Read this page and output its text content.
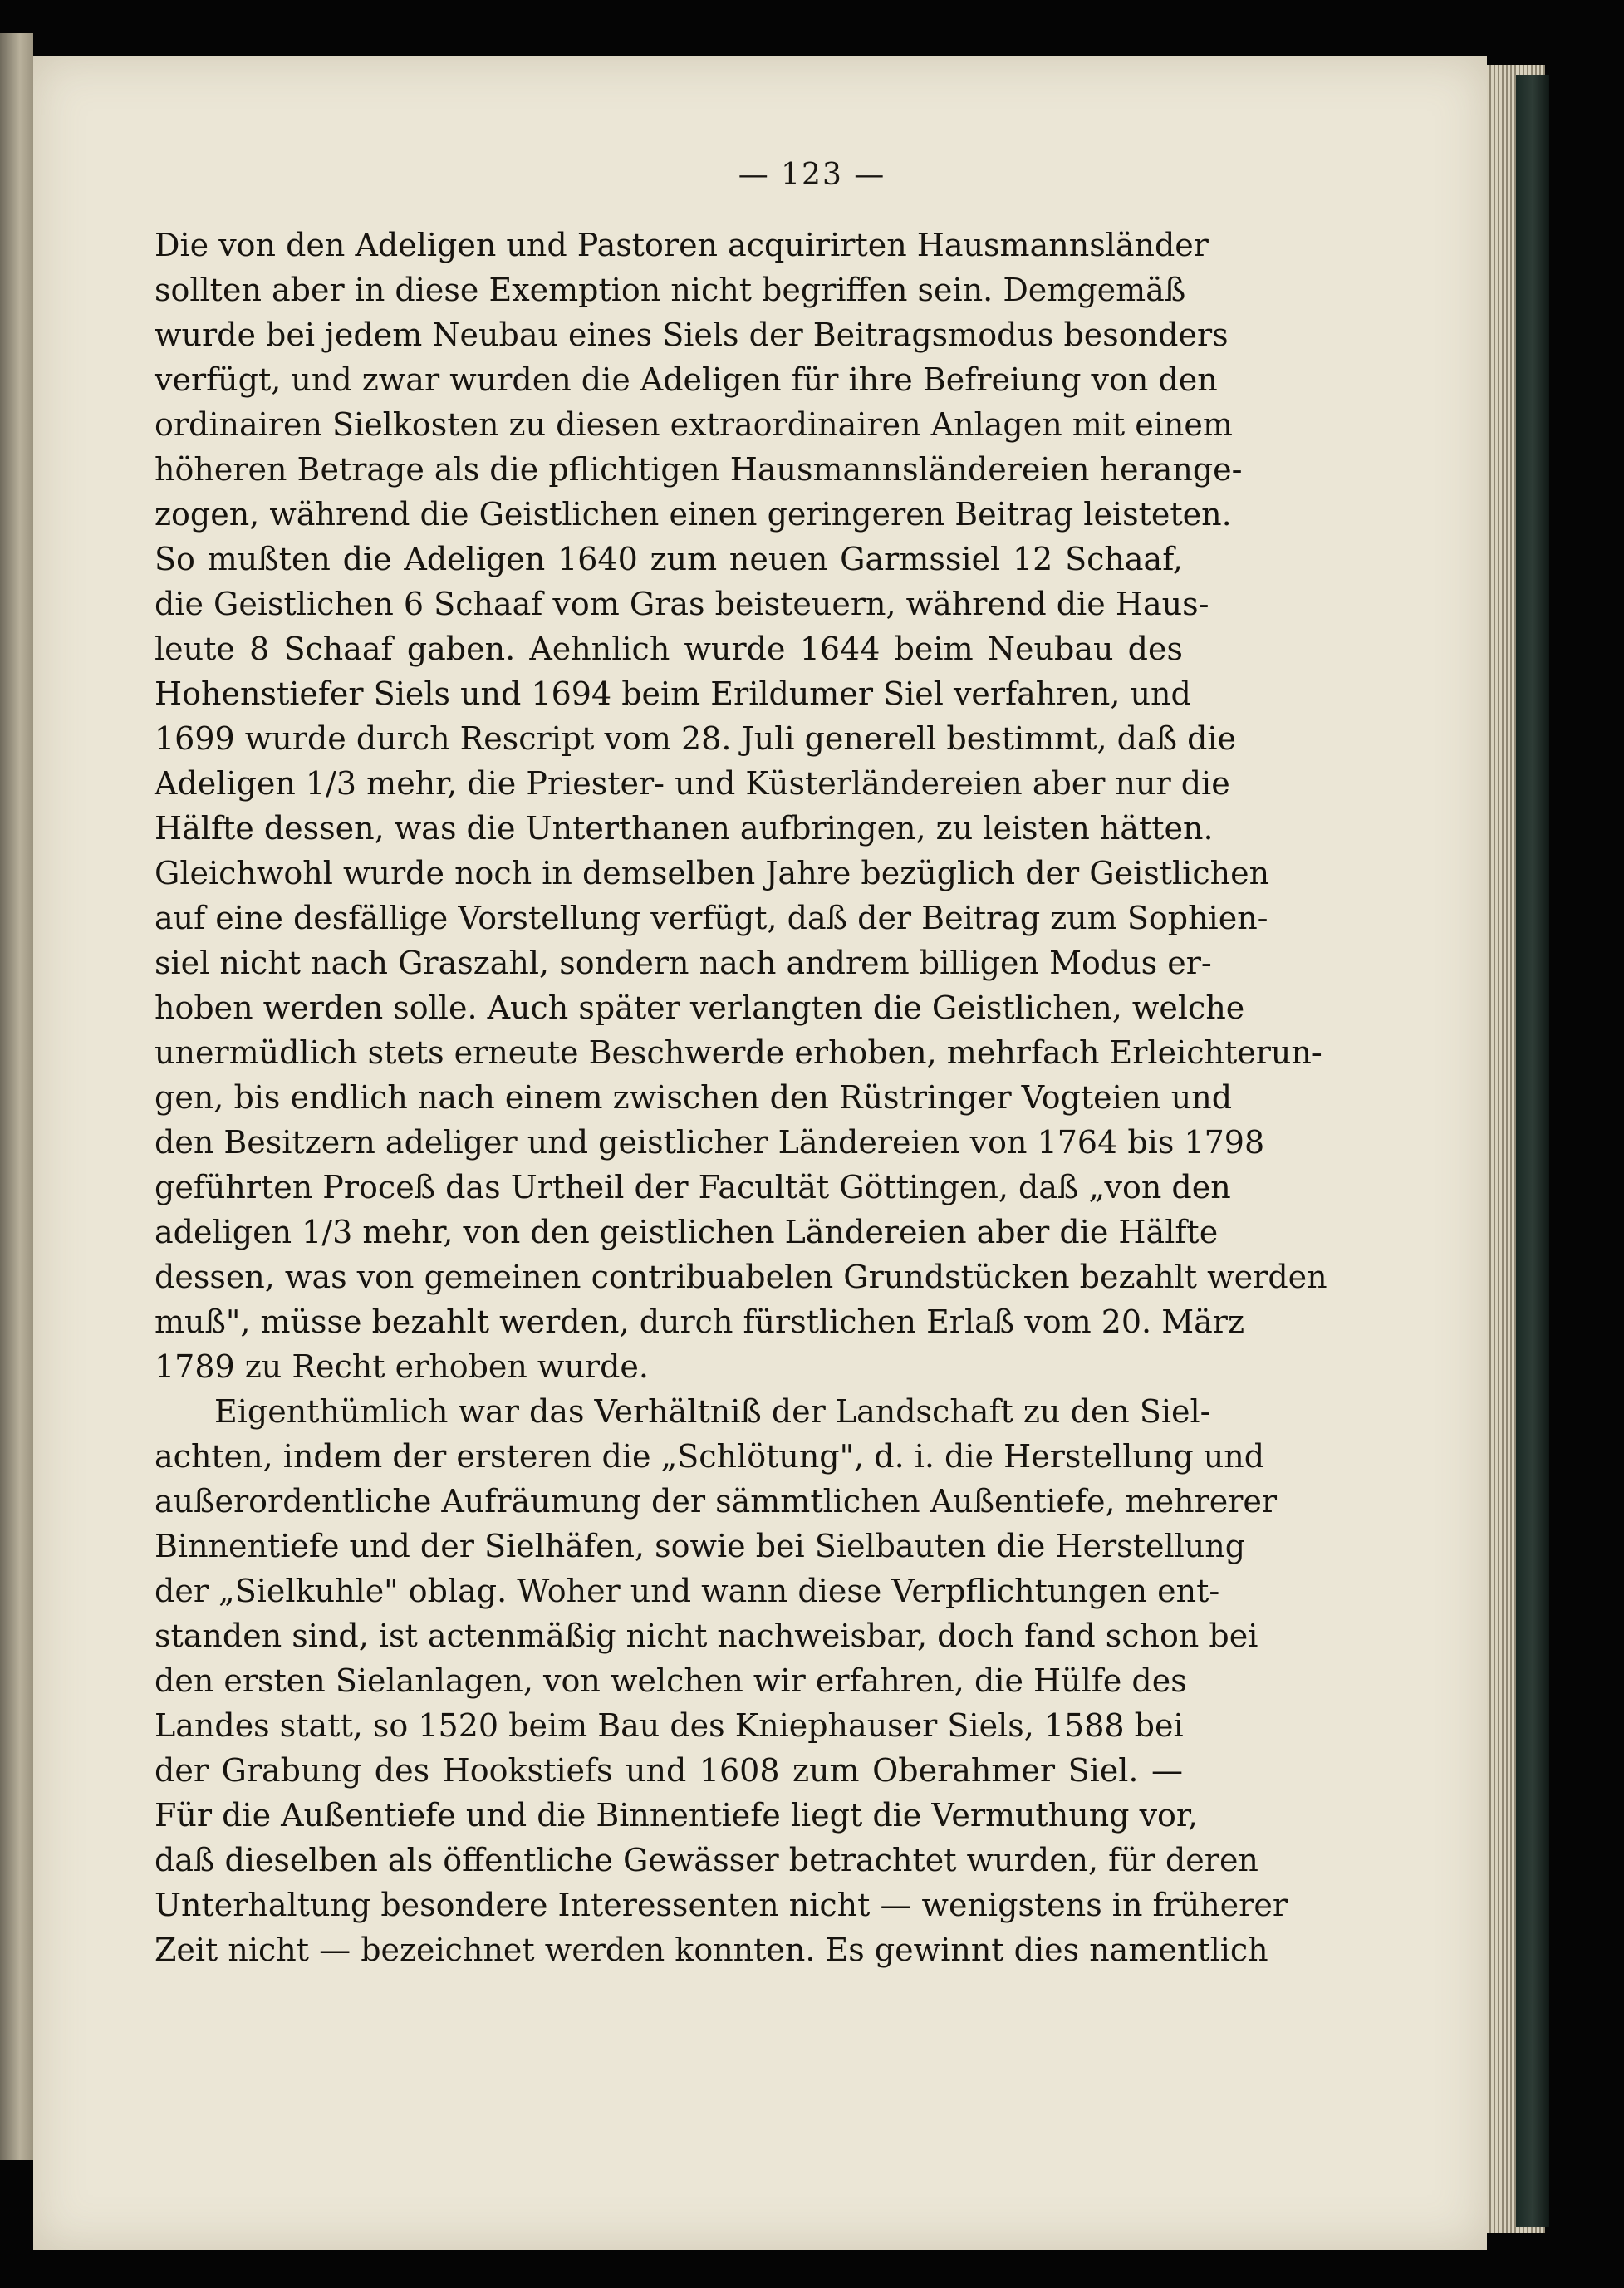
— 123 —
Die von den Adeligen und Pastoren acquirirten Hausmannsländer
sollten aber in diese Exemption nicht begriffen sein. Demgemäß
wurde bei jedem Neubau eines Siels der Beitragsmodus besonders
verfügt, und zwar wurden die Adeligen für ihre Befreiung von den
ordinairen Sielkosten zu diesen extraordinairen Anlagen mit einem
höheren Betrage als die pflichtigen Hausmannsländereien herange-
zogen, während die Geistlichen einen geringeren Beitrag leisteten.
So mußten die Adeligen 1640 zum neuen Garmssiel 12 Schaaf,
die Geistlichen 6 Schaaf vom Gras beisteuern, während die Haus-
leute 8 Schaaf gaben. Aehnlich wurde 1644 beim Neubau des
Hohenstiefer Siels und 1694 beim Erildumer Siel verfahren, und
1699 wurde durch Rescript vom 28. Juli generell bestimmt, daß die
Adeligen 1/3 mehr, die Priester- und Küsterländereien aber nur die
Hälfte dessen, was die Unterthanen aufbringen, zu leisten hätten.
Gleichwohl wurde noch in demselben Jahre bezüglich der Geistlichen
auf eine desfällige Vorstellung verfügt, daß der Beitrag zum Sophien-
siel nicht nach Graszahl, sondern nach andrem billigen Modus er-
hoben werden solle. Auch später verlangten die Geistlichen, welche
unermüdlich stets erneute Beschwerde erhoben, mehrfach Erleichterun-
gen, bis endlich nach einem zwischen den Rüstringer Vogteien und
den Besitzern adeliger und geistlicher Ländereien von 1764 bis 1798
geführten Proceß das Urtheil der Facultät Göttingen, daß „von den
adeligen 1/3 mehr, von den geistlichen Ländereien aber die Hälfte
dessen, was von gemeinen contribuabelen Grundstücken bezahlt werden
muß", müsse bezahlt werden, durch fürstlichen Erlaß vom 20. März
1789 zu Recht erhoben wurde.
Eigenthümlich war das Verhältniß der Landschaft zu den Siel-
achten, indem der ersteren die „Schlötung", d. i. die Herstellung und
außerordentliche Aufräumung der sämmtlichen Außentiefe, mehrerer
Binnentiefe und der Sielhäfen, sowie bei Sielbauten die Herstellung
der „Sielkuhle" oblag. Woher und wann diese Verpflichtungen ent-
standen sind, ist actenmäßig nicht nachweisbar, doch fand schon bei
den ersten Sielanlagen, von welchen wir erfahren, die Hülfe des
Landes statt, so 1520 beim Bau des Kniephauser Siels, 1588 bei
der Grabung des Hookstiefs und 1608 zum Oberahmer Siel. —
Für die Außentiefe und die Binnentiefe liegt die Vermuthung vor,
daß dieselben als öffentliche Gewässer betrachtet wurden, für deren
Unterhaltung besondere Interessenten nicht — wenigstens in früherer
Zeit nicht — bezeichnet werden konnten. Es gewinnt dies namentlich
